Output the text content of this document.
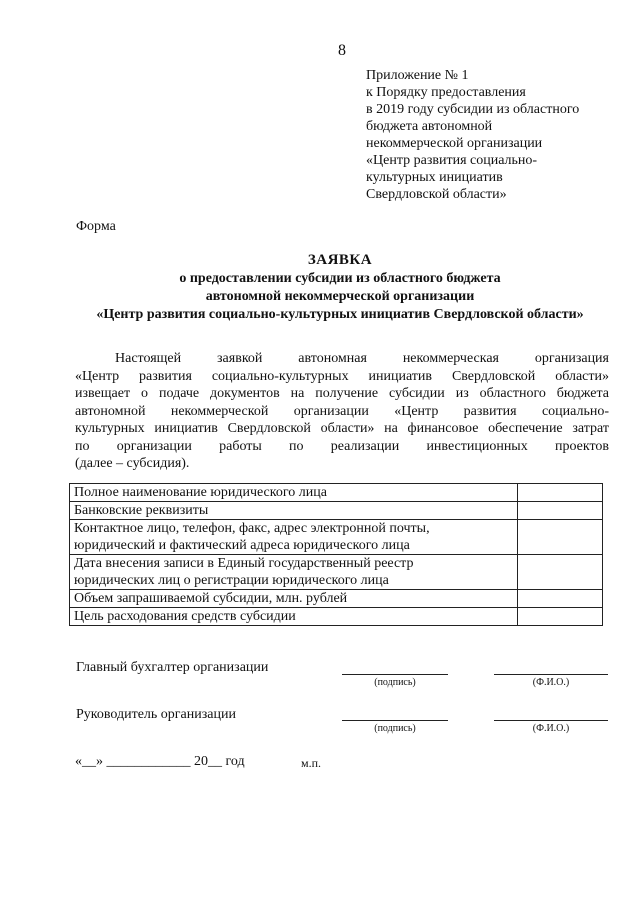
8
Приложение № 1
к Порядку предоставления
в 2019 году субсидии из областного
бюджета автономной
некоммерческой организации
«Центр развития социально-
культурных инициатив
Свердловской области»
Форма
ЗАЯВКА
о предоставлении субсидии из областного бюджета
автономной некоммерческой организации
«Центр развития социально-культурных инициатив Свердловской области»
Настоящей заявкой автономная некоммерческая организация
«Центр развития социально-культурных инициатив Свердловской области»
извещает о подаче документов на получение субсидии из областного бюджета
автономной некоммерческой организации «Центр развития социально-
культурных инициатив Свердловской области» на финансовое обеспечение затрат
по организации работы по реализации инвестиционных проектов
(далее – субсидия).
Полное наименование юридического лица	

Банковские реквизиты	

Контактное лицо, телефон, факс, адрес электронной почты,
юридический и фактический адреса юридического лица	

Дата внесения записи в Единый государственный реестр
юридических лиц о регистрации юридического лица	

Объем запрашиваемой субсидии, млн. рублей	

Цель расходования средств субсидии	

Главный бухгалтер организации
(подпись)	(Ф.И.О.)
Руководитель организации
(подпись)	(Ф.И.О.)
«__» ____________ 20__ год	м.п.
